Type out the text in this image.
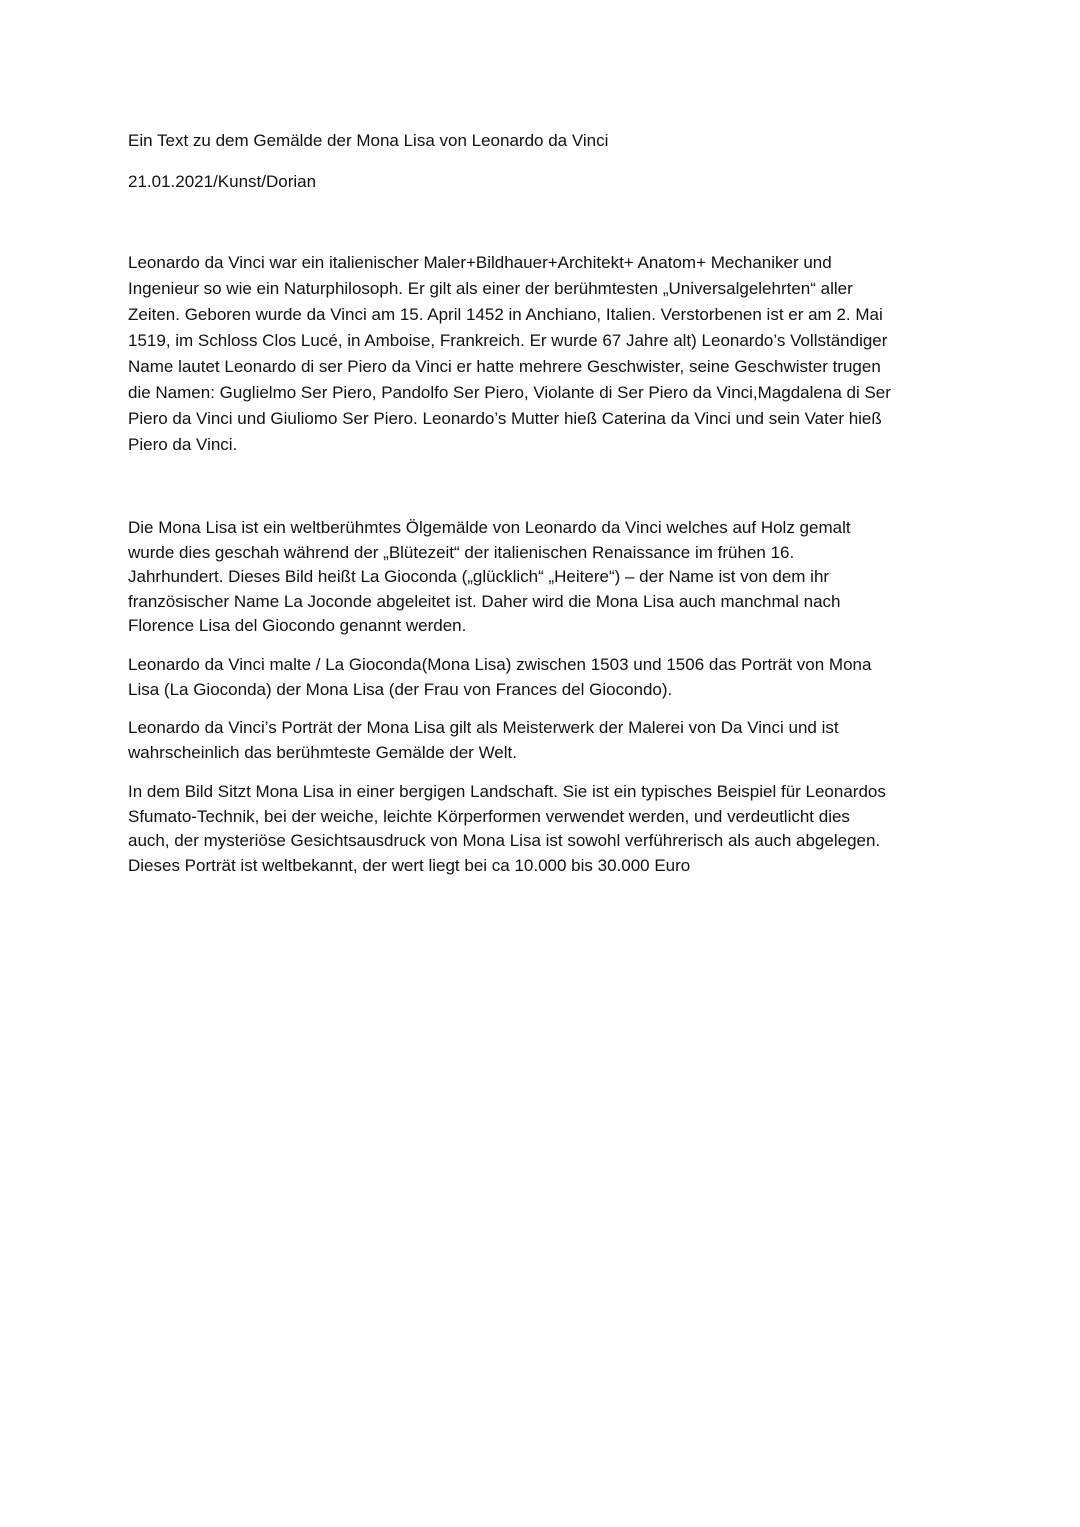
Ein Text zu dem Gemälde der Mona Lisa von Leonardo da Vinci

21.01.2021/Kunst/Dorian

Leonardo da Vinci war ein italienischer Maler+Bildhauer+Architekt+ Anatom+ Mechaniker und
Ingenieur so wie ein Naturphilosoph. Er gilt als einer der berühmtesten „Universalgelehrten“ aller
Zeiten. Geboren wurde da Vinci am 15. April 1452 in Anchiano, Italien. Verstorbenen ist er am 2. Mai
1519, im Schloss Clos Lucé, in Amboise, Frankreich. Er wurde 67 Jahre alt) Leonardo’s Vollständiger
Name lautet Leonardo di ser Piero da Vinci er hatte mehrere Geschwister, seine Geschwister trugen
die Namen: Guglielmo Ser Piero, Pandolfo Ser Piero, Violante di Ser Piero da Vinci,Magdalena di Ser
Piero da Vinci und Giuliomo Ser Piero. Leonardo’s Mutter hieß Caterina da Vinci und sein Vater hieß
Piero da Vinci.

Die Mona Lisa ist ein weltberühmtes Ölgemälde von Leonardo da Vinci welches auf Holz gemalt
wurde dies geschah während der „Blütezeit“ der italienischen Renaissance im frühen 16.
Jahrhundert. Dieses Bild heißt La Gioconda („glücklich“ „Heitere“) – der Name ist von dem ihr
französischer Name La Joconde abgeleitet ist. Daher wird die Mona Lisa auch manchmal nach
Florence Lisa del Giocondo genannt werden.

Leonardo da Vinci malte / La Gioconda(Mona Lisa) zwischen 1503 und 1506 das Porträt von Mona
Lisa (La Gioconda) der Mona Lisa (der Frau von Frances del Giocondo).

Leonardo da Vinci’s Porträt der Mona Lisa gilt als Meisterwerk der Malerei von Da Vinci und ist
wahrscheinlich das berühmteste Gemälde der Welt.

In dem Bild Sitzt Mona Lisa in einer bergigen Landschaft. Sie ist ein typisches Beispiel für Leonardos
Sfumato-Technik, bei der weiche, leichte Körperformen verwendet werden, und verdeutlicht dies
auch, der mysteriöse Gesichtsausdruck von Mona Lisa ist sowohl verführerisch als auch abgelegen.
Dieses Porträt ist weltbekannt, der wert liegt bei ca 10.000 bis 30.000 Euro
